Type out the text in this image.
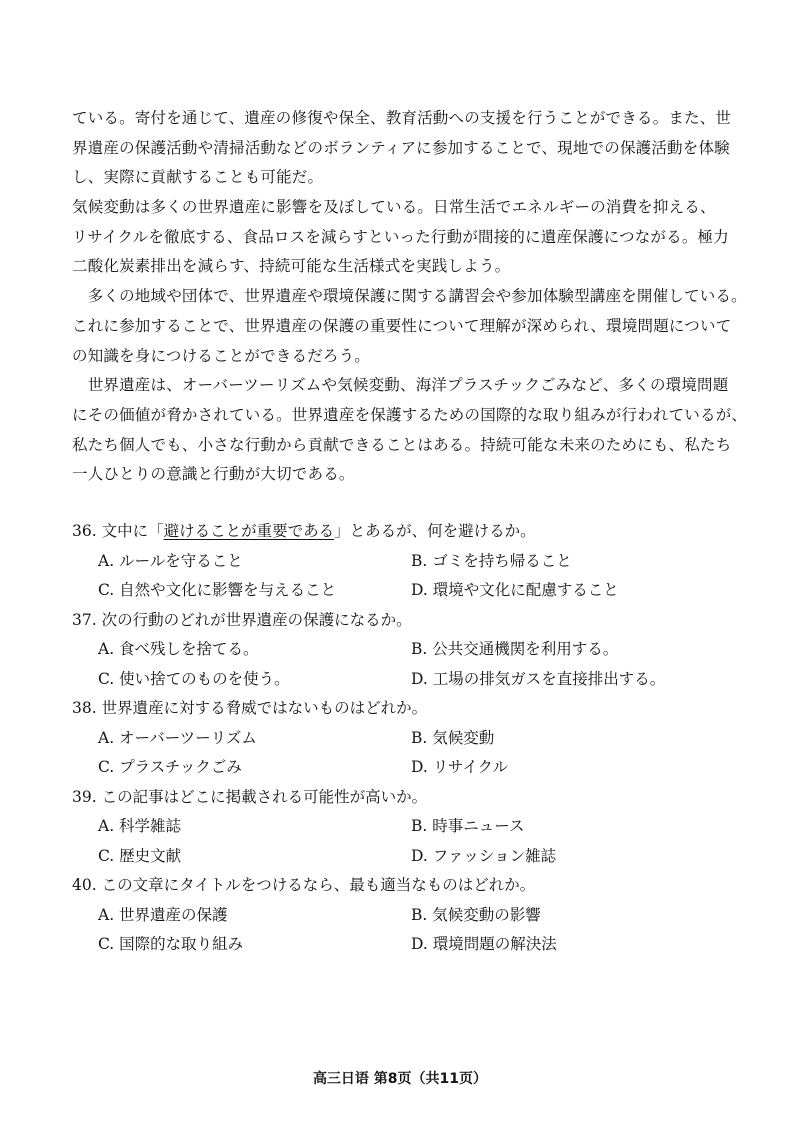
ている。寄付を通じて、遺産の修復や保全、教育活動への支援を行うことができる。また、世
界遺産の保護活動や清掃活動などのボランティアに参加することで、現地での保護活動を体験
し、実際に貢献することも可能だ。
気候変動は多くの世界遺産に影響を及ぼしている。日常生活でエネルギーの消費を抑える、
リサイクルを徹底する、食品ロスを減らすといった行動が間接的に遺産保護につながる。極力
二酸化炭素排出を減らす、持続可能な生活様式を実践しよう。
　多くの地域や団体で、世界遺産や環境保護に関する講習会や参加体験型講座を開催している。
これに参加することで、世界遺産の保護の重要性について理解が深められ、環境問題について
の知識を身につけることができるだろう。
　世界遺産は、オーバーツーリズムや気候変動、海洋プラスチックごみなど、多くの環境問題
にその価値が脅かされている。世界遺産を保護するための国際的な取り組みが行われているが、
私たち個人でも、小さな行動から貢献できることはある。持続可能な未来のためにも、私たち
一人ひとりの意識と行動が大切である。
36. 文中に「避けることが重要である」とあるが、何を避けるか。
A. ルールを守ること	B. ゴミを持ち帰ること
C. 自然や文化に影響を与えること	D. 環境や文化に配慮すること
37. 次の行動のどれが世界遺産の保護になるか。
A. 食べ残しを捨てる。	B. 公共交通機関を利用する。
C. 使い捨てのものを使う。	D. 工場の排気ガスを直接排出する。
38. 世界遺産に対する脅威ではないものはどれか。
A. オーバーツーリズム	B. 気候変動
C. プラスチックごみ	D. リサイクル
39. この記事はどこに掲載される可能性が高いか。
A. 科学雑誌	B. 時事ニュース
C. 歴史文献	D. ファッション雑誌
40. この文章にタイトルをつけるなら、最も適当なものはどれか。
A. 世界遺産の保護	B. 気候変動の影響
C. 国際的な取り組み	D. 環境問題の解決法
高三日语 第8页（共11页）
